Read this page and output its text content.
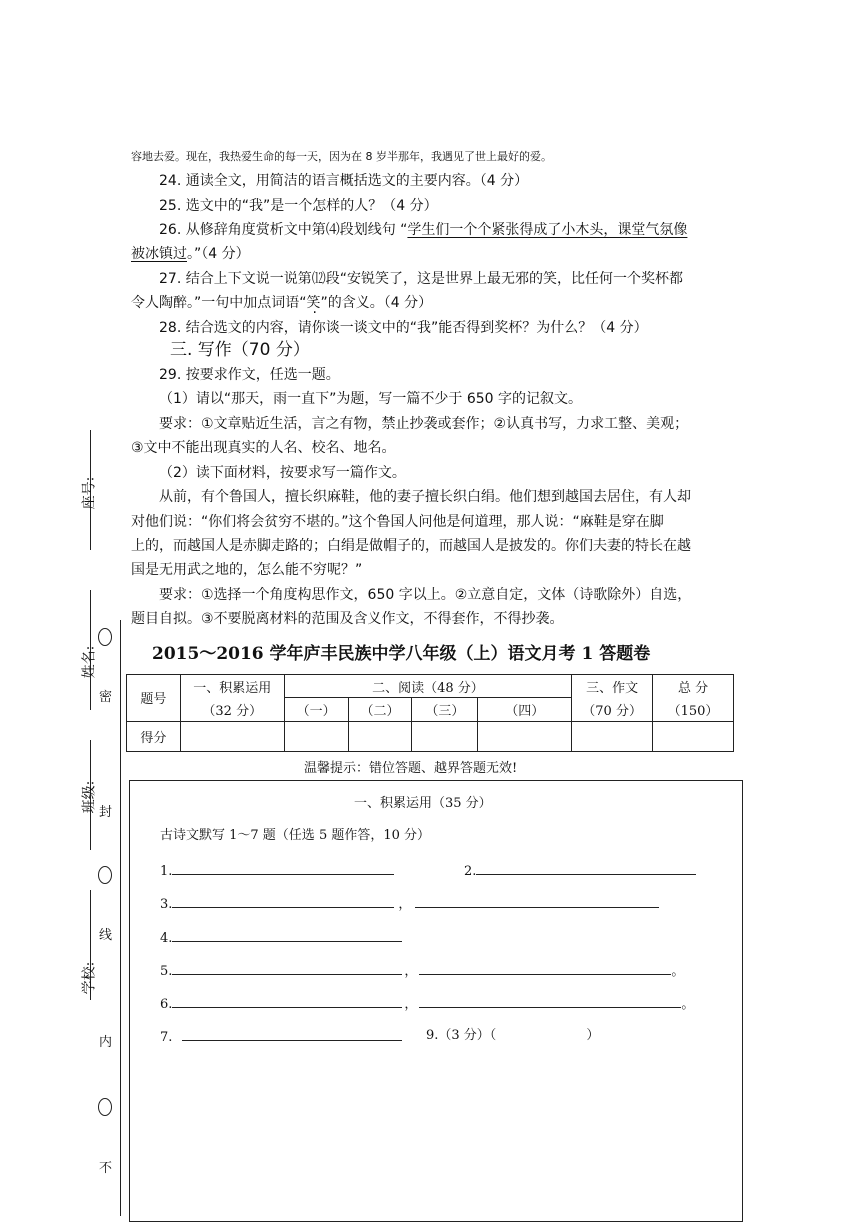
容地去爱。现在，我热爱生命的每一天，因为在 8 岁半那年，我遇见了世上最好的爱。
24. 通读全文，用简洁的语言概括选文的主要内容。（4 分）
25. 选文中的“我”是一个怎样的人？（4 分）
26. 从修辞角度赏析文中第⑷段划线句 “学生们一个个紧张得成了小木头，课堂气氛像
被冰镇过。”（4 分）
27. 结合上下文说一说第⑿段“安锐笑了，这是世界上最无邪的笑，比任何一个奖杯都
令人陶醉。”一句中加点词语“笑”的含义。（4 分）
28. 结合选文的内容，请你谈一谈文中的“我”能否得到奖杯？为什么？（4 分）
三. 写作（70 分）
29. 按要求作文，任选一题。
（1）请以“那天，雨一直下”为题，写一篇不少于 650 字的记叙文。
要求：①文章贴近生活，言之有物，禁止抄袭或套作；②认真书写，力求工整、美观；
③文中不能出现真实的人名、校名、地名。
（2）读下面材料，按要求写一篇作文。
从前，有个鲁国人，擅长织麻鞋，他的妻子擅长织白绢。他们想到越国去居住，有人却
对他们说：“你们将会贫穷不堪的。”这个鲁国人问他是何道理，那人说：“麻鞋是穿在脚
上的，而越国人是赤脚走路的；白绢是做帽子的，而越国人是披发的。你们夫妻的特长在越
国是无用武之地的，怎么能不穷呢？”
要求：①选择一个角度构思作文，650 字以上。②立意自定，文体（诗歌除外）自选，
题目自拟。③不要脱离材料的范围及含义作文，不得套作，不得抄袭。
2015～2016 学年庐丰民族中学八年级（上）语文月考 1 答题卷
题号	一、积累运用	二、阅读（48 分）				三、作文	总 分
	（32 分）	（一）	（二）	（三）	（四）	（70 分）	（150）
得分							
温馨提示：错位答题、越界答题无效!
一、积累运用（35 分）
古诗文默写 1～7 题（任选 5 题作答，10 分）
1.	2.
3.	，
4.
5.	，	。
6.	，	。
7.	9.（3 分）（	）
座号:
姓名:
班级:
学校:
密
封
线
内
不
